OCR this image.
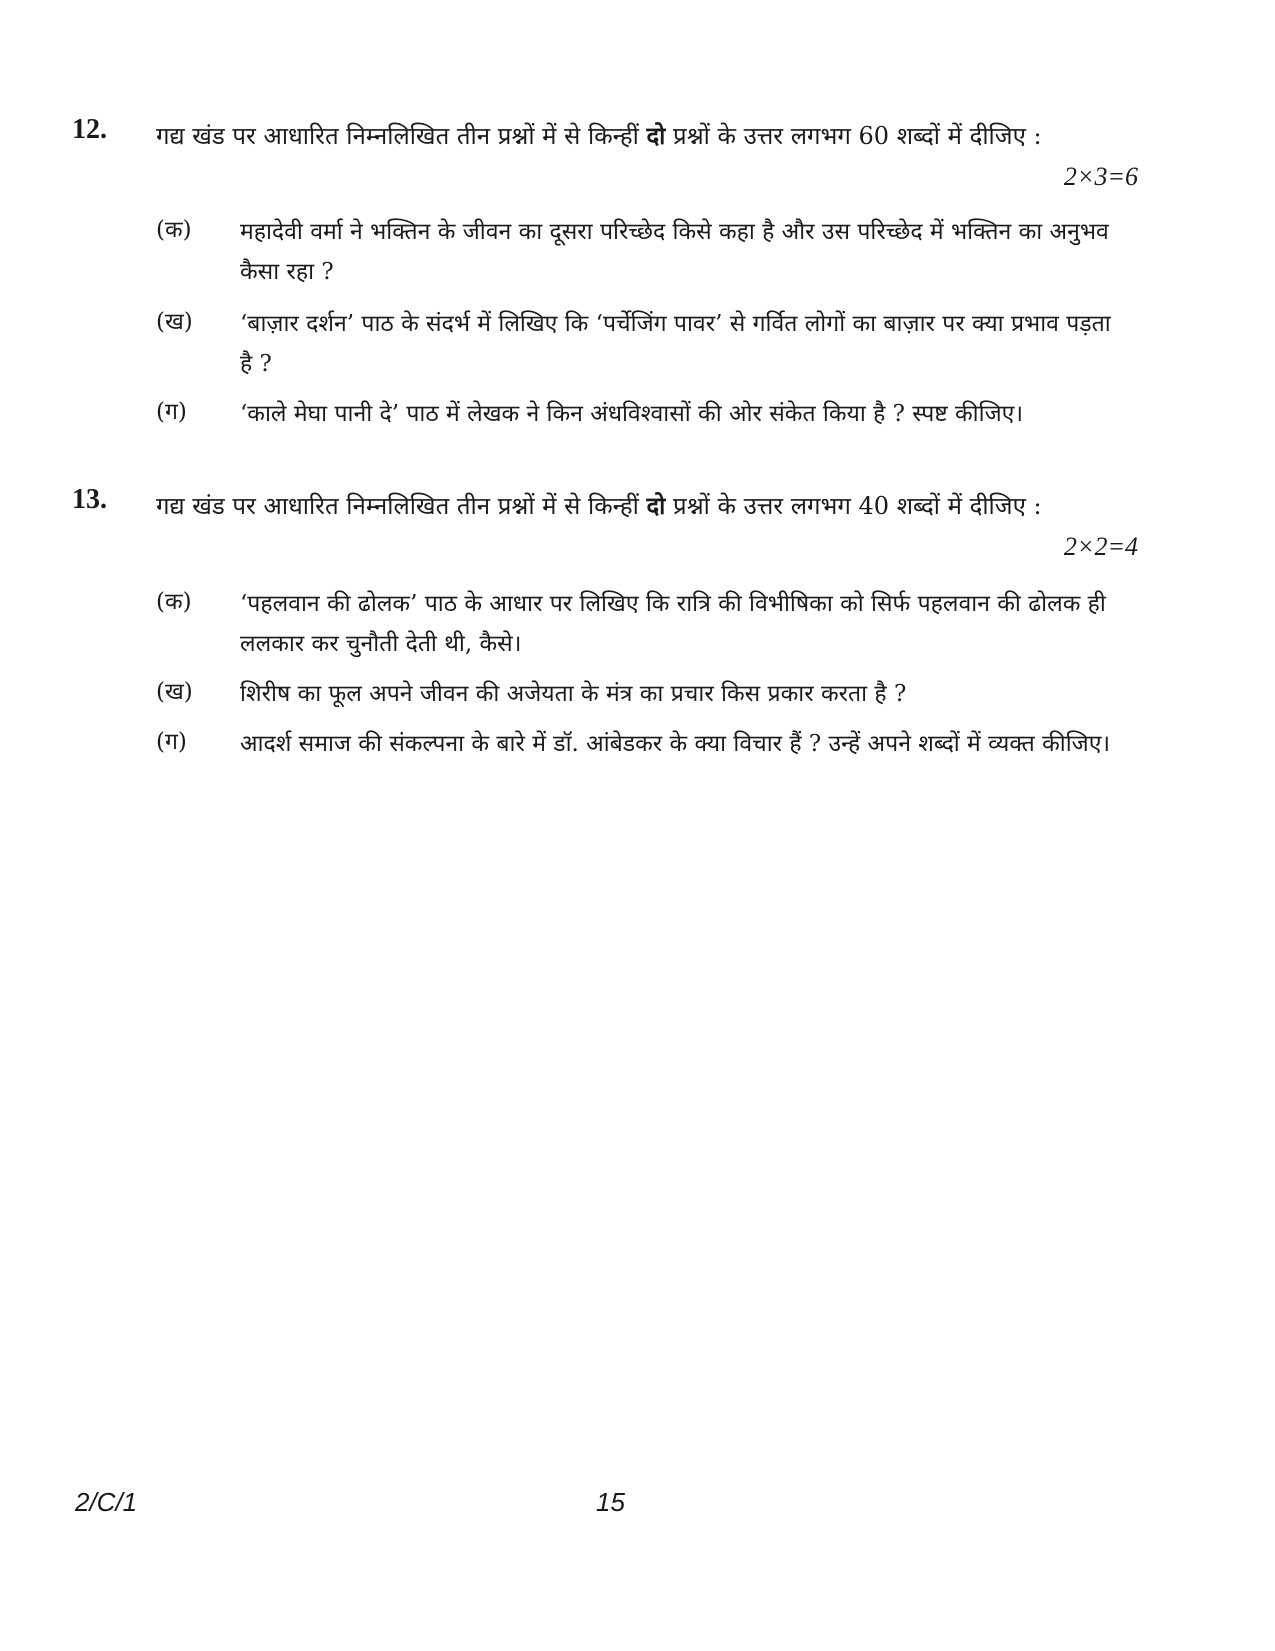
12. गद्य खंड पर आधारित निम्नलिखित तीन प्रश्नों में से किन्हीं दो प्रश्नों के उत्तर लगभग 60 शब्दों में दीजिए :
2×3=6
(क) महादेवी वर्मा ने भक्तिन के जीवन का दूसरा परिच्छेद किसे कहा है और उस परिच्छेद में भक्तिन का अनुभव कैसा रहा ?
(ख) ‘बाज़ार दर्शन’ पाठ के संदर्भ में लिखिए कि ‘पर्चेजिंग पावर’ से गर्वित लोगों का बाज़ार पर क्या प्रभाव पड़ता है ?
(ग) ‘काले मेघा पानी दे’ पाठ में लेखक ने किन अंधविश्वासों की ओर संकेत किया है ? स्पष्ट कीजिए।
13. गद्य खंड पर आधारित निम्नलिखित तीन प्रश्नों में से किन्हीं दो प्रश्नों के उत्तर लगभग 40 शब्दों में दीजिए :
2×2=4
(क) ‘पहलवान की ढोलक’ पाठ के आधार पर लिखिए कि रात्रि की विभीषिका को सिर्फ पहलवान की ढोलक ही ललकार कर चुनौती देती थी, कैसे।
(ख) शिरीष का फूल अपने जीवन की अजेयता के मंत्र का प्रचार किस प्रकार करता है ?
(ग) आदर्श समाज की संकल्पना के बारे में डॉ. आंबेडकर के क्या विचार हैं ? उन्हें अपने शब्दों में व्यक्त कीजिए।
2/C/1	15
